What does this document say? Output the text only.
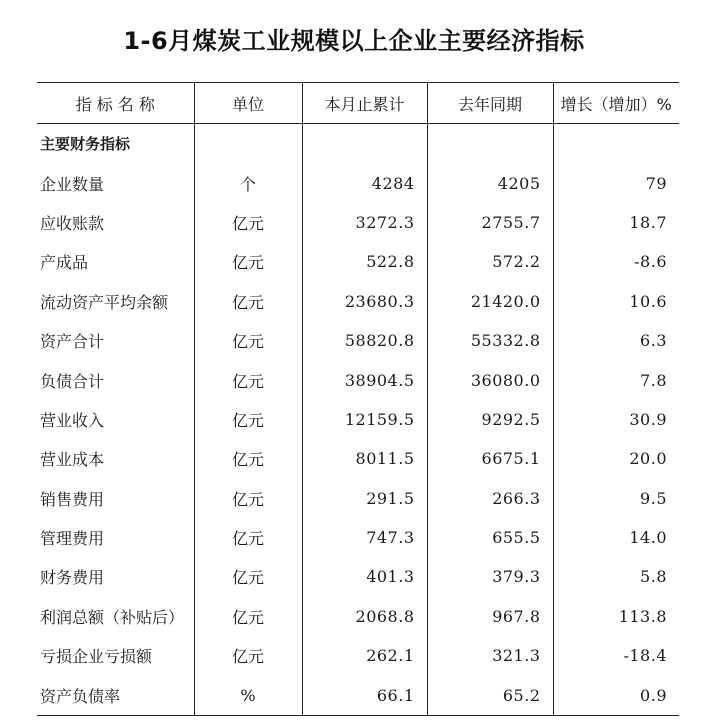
1-6月煤炭工业规模以上企业主要经济指标
指 标 名 称	单位	本月止累计	去年同期	增长（增加）%
主要财务指标				
企业数量	个	4284	4205	79
应收账款	亿元	3272.3	2755.7	18.7
产成品	亿元	522.8	572.2	-8.6
流动资产平均余额	亿元	23680.3	21420.0	10.6
资产合计	亿元	58820.8	55332.8	6.3
负债合计	亿元	38904.5	36080.0	7.8
营业收入	亿元	12159.5	9292.5	30.9
营业成本	亿元	8011.5	6675.1	20.0
销售费用	亿元	291.5	266.3	9.5
管理费用	亿元	747.3	655.5	14.0
财务费用	亿元	401.3	379.3	5.8
利润总额（补贴后）	亿元	2068.8	967.8	113.8
亏损企业亏损额	亿元	262.1	321.3	-18.4
资产负债率	%	66.1	65.2	0.9
